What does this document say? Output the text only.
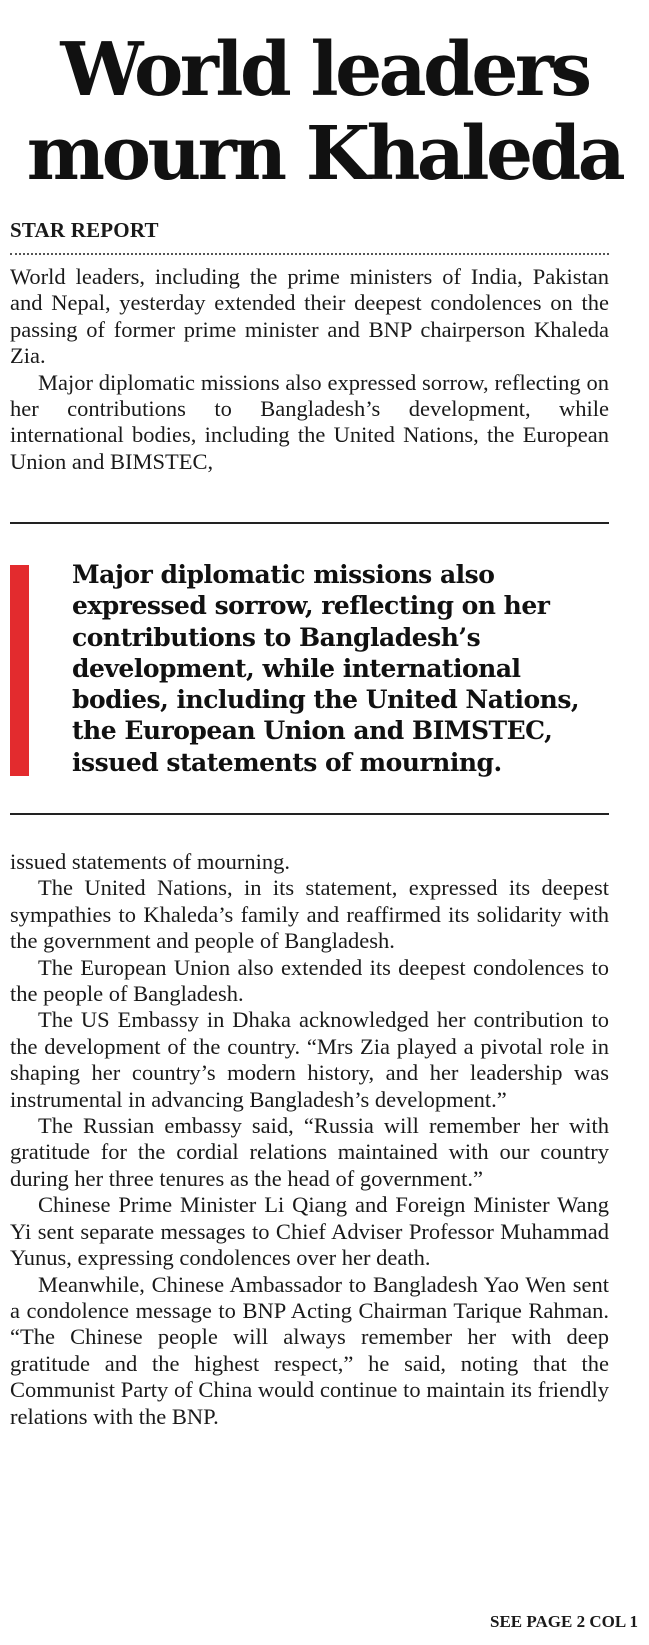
World leaders
mourn Khaleda

STAR REPORT

World leaders, including the prime ministers of India, Pakistan and Nepal, yesterday extended their deepest condolences on the passing of former prime minister and BNP chairperson Khaleda Zia.

Major diplomatic missions also expressed sorrow, reflecting on her contributions to Bangladesh’s development, while international bodies, including the United Nations, the European Union and BIMSTEC,

Major diplomatic missions also expressed sorrow, reflecting on her contributions to Bangladesh’s development, while international bodies, including the United Nations, the European Union and BIMSTEC, issued statements of mourning.

issued statements of mourning.

The United Nations, in its statement, expressed its deepest sympathies to Khaleda’s family and reaffirmed its solidarity with the government and people of Bangladesh.

The European Union also extended its deepest condolences to the people of Bangladesh.

The US Embassy in Dhaka acknowledged her contribution to the development of the country. “Mrs Zia played a pivotal role in shaping her country’s modern history, and her leadership was instrumental in advancing Bangladesh’s development.”

The Russian embassy said, “Russia will remember her with gratitude for the cordial relations maintained with our country during her three tenures as the head of government.”

Chinese Prime Minister Li Qiang and Foreign Minister Wang Yi sent separate messages to Chief Adviser Professor Muhammad Yunus, expressing condolences over her death.

Meanwhile, Chinese Ambassador to Bangladesh Yao Wen sent a condolence message to BNP Acting Chairman Tarique Rahman. “The Chinese people will always remember her with deep gratitude and the highest respect,” he said, noting that the Communist Party of China would continue to maintain its friendly relations with the BNP.

SEE PAGE 2 COL 1
